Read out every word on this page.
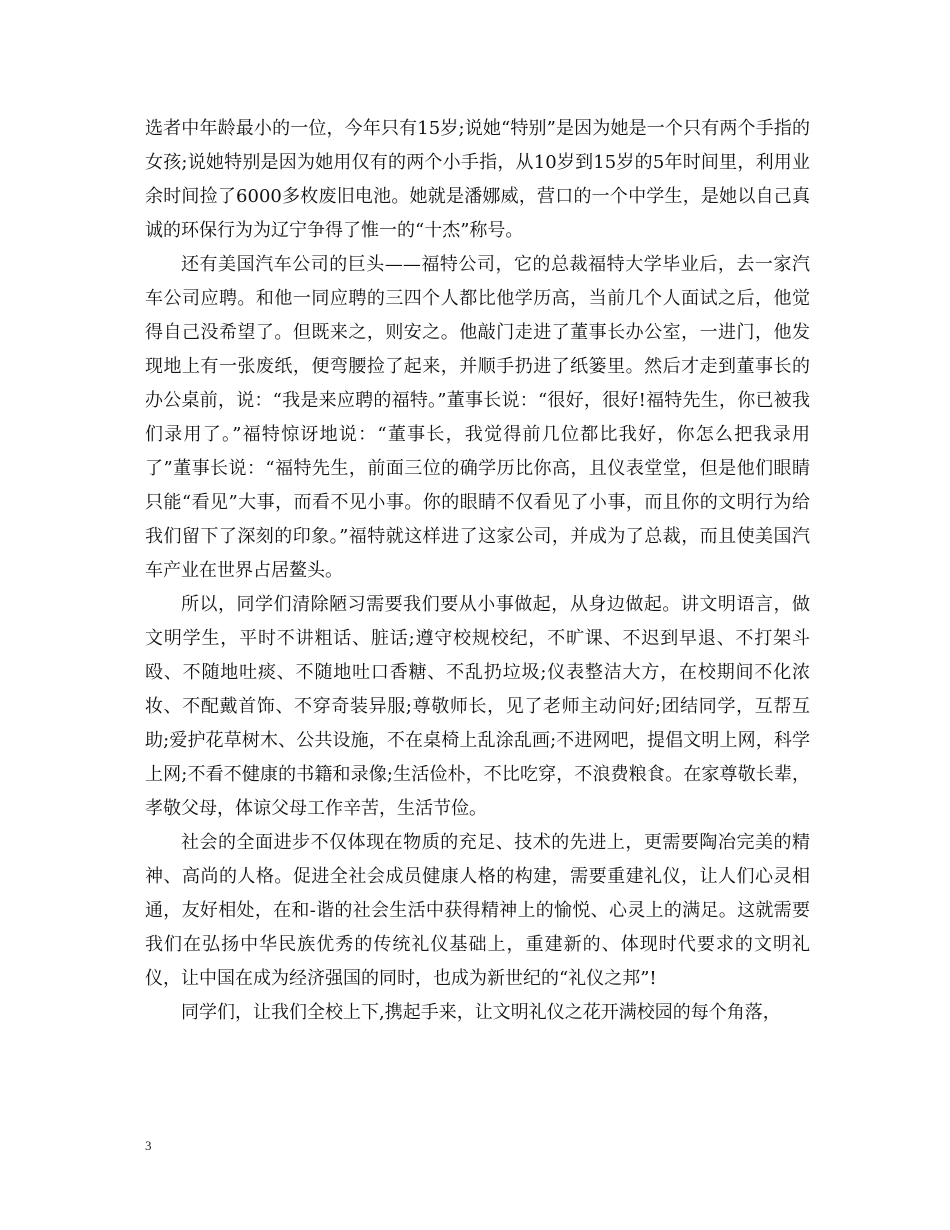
选者中年龄最小的一位，今年只有15岁;说她“特别”是因为她是一个只有两个手指的女孩;说她特别是因为她用仅有的两个小手指，从10岁到15岁的5年时间里，利用业余时间捡了6000多枚废旧电池。她就是潘娜威，营口的一个中学生，是她以自己真诚的环保行为为辽宁争得了惟一的“十杰”称号。

还有美国汽车公司的巨头——福特公司，它的总裁福特大学毕业后，去一家汽车公司应聘。和他一同应聘的三四个人都比他学历高，当前几个人面试之后，他觉得自己没希望了。但既来之，则安之。他敲门走进了董事长办公室，一进门，他发现地上有一张废纸，便弯腰捡了起来，并顺手扔进了纸篓里。然后才走到董事长的办公桌前，说：“我是来应聘的福特。”董事长说：“很好，很好!福特先生，你已被我们录用了。”福特惊讶地说：“董事长，我觉得前几位都比我好，你怎么把我录用了”董事长说：“福特先生，前面三位的确学历比你高，且仪表堂堂，但是他们眼睛只能“看见”大事，而看不见小事。你的眼睛不仅看见了小事，而且你的文明行为给我们留下了深刻的印象。”福特就这样进了这家公司，并成为了总裁，而且使美国汽车产业在世界占居鳌头。

所以，同学们清除陋习需要我们要从小事做起，从身边做起。讲文明语言，做文明学生，平时不讲粗话、脏话;遵守校规校纪，不旷课、不迟到早退、不打架斗殴、不随地吐痰、不随地吐口香糖、不乱扔垃圾;仪表整洁大方，在校期间不化浓妆、不配戴首饰、不穿奇装异服;尊敬师长，见了老师主动问好;团结同学，互帮互助;爱护花草树木、公共设施，不在桌椅上乱涂乱画;不进网吧，提倡文明上网，科学上网;不看不健康的书籍和录像;生活俭朴，不比吃穿，不浪费粮食。在家尊敬长辈，孝敬父母，体谅父母工作辛苦，生活节俭。

社会的全面进步不仅体现在物质的充足、技术的先进上，更需要陶冶完美的精神、高尚的人格。促进全社会成员健康人格的构建，需要重建礼仪，让人们心灵相通，友好相处，在和-谐的社会生活中获得精神上的愉悦、心灵上的满足。这就需要我们在弘扬中华民族优秀的传统礼仪基础上，重建新的、体现时代要求的文明礼仪，让中国在成为经济强国的同时，也成为新世纪的“礼仪之邦”!

同学们，让我们全校上下,携起手来，让文明礼仪之花开满校园的每个角落，

3
